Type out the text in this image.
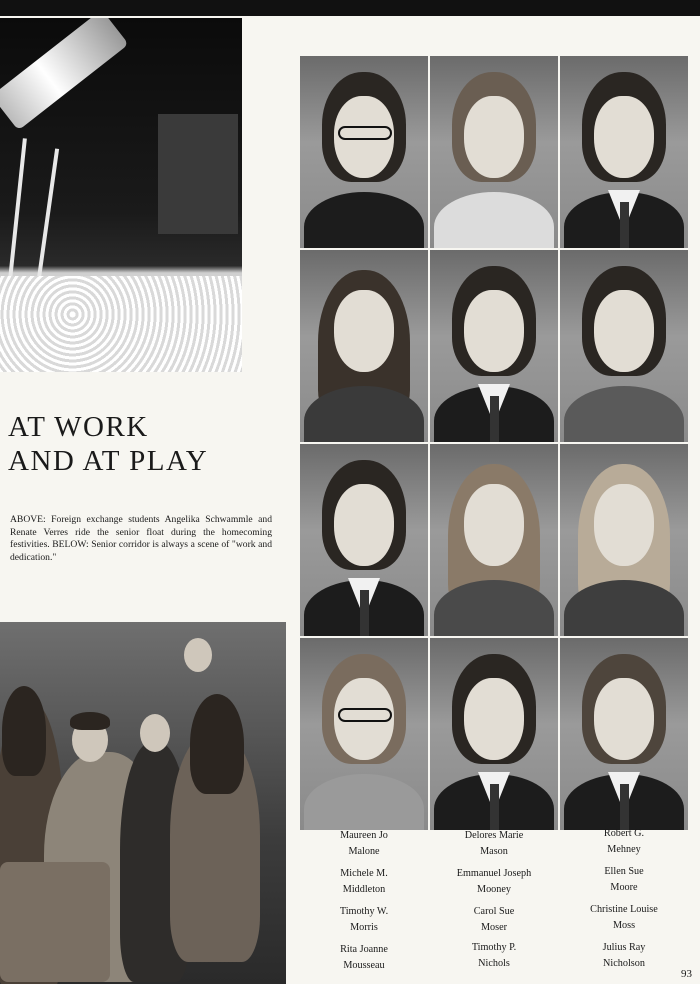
AT WORK
AND AT PLAY

ABOVE: Foreign exchange students Angelika Schwammle and Renate Verres ride the senior float during the homecoming festivities. BELOW: Senior corridor is always a scene of "work and dedication."

Maureen Jo
Malone
Delores Marie
Mason
Robert G.
Mehney
Michele M.
Middleton
Emmanuel Joseph
Mooney
Ellen Sue
Moore
Timothy W.
Morris
Carol Sue
Moser
Christine Louise
Moss
Rita Joanne
Mousseau
Timothy P.
Nichols
Julius Ray
Nicholson
93
